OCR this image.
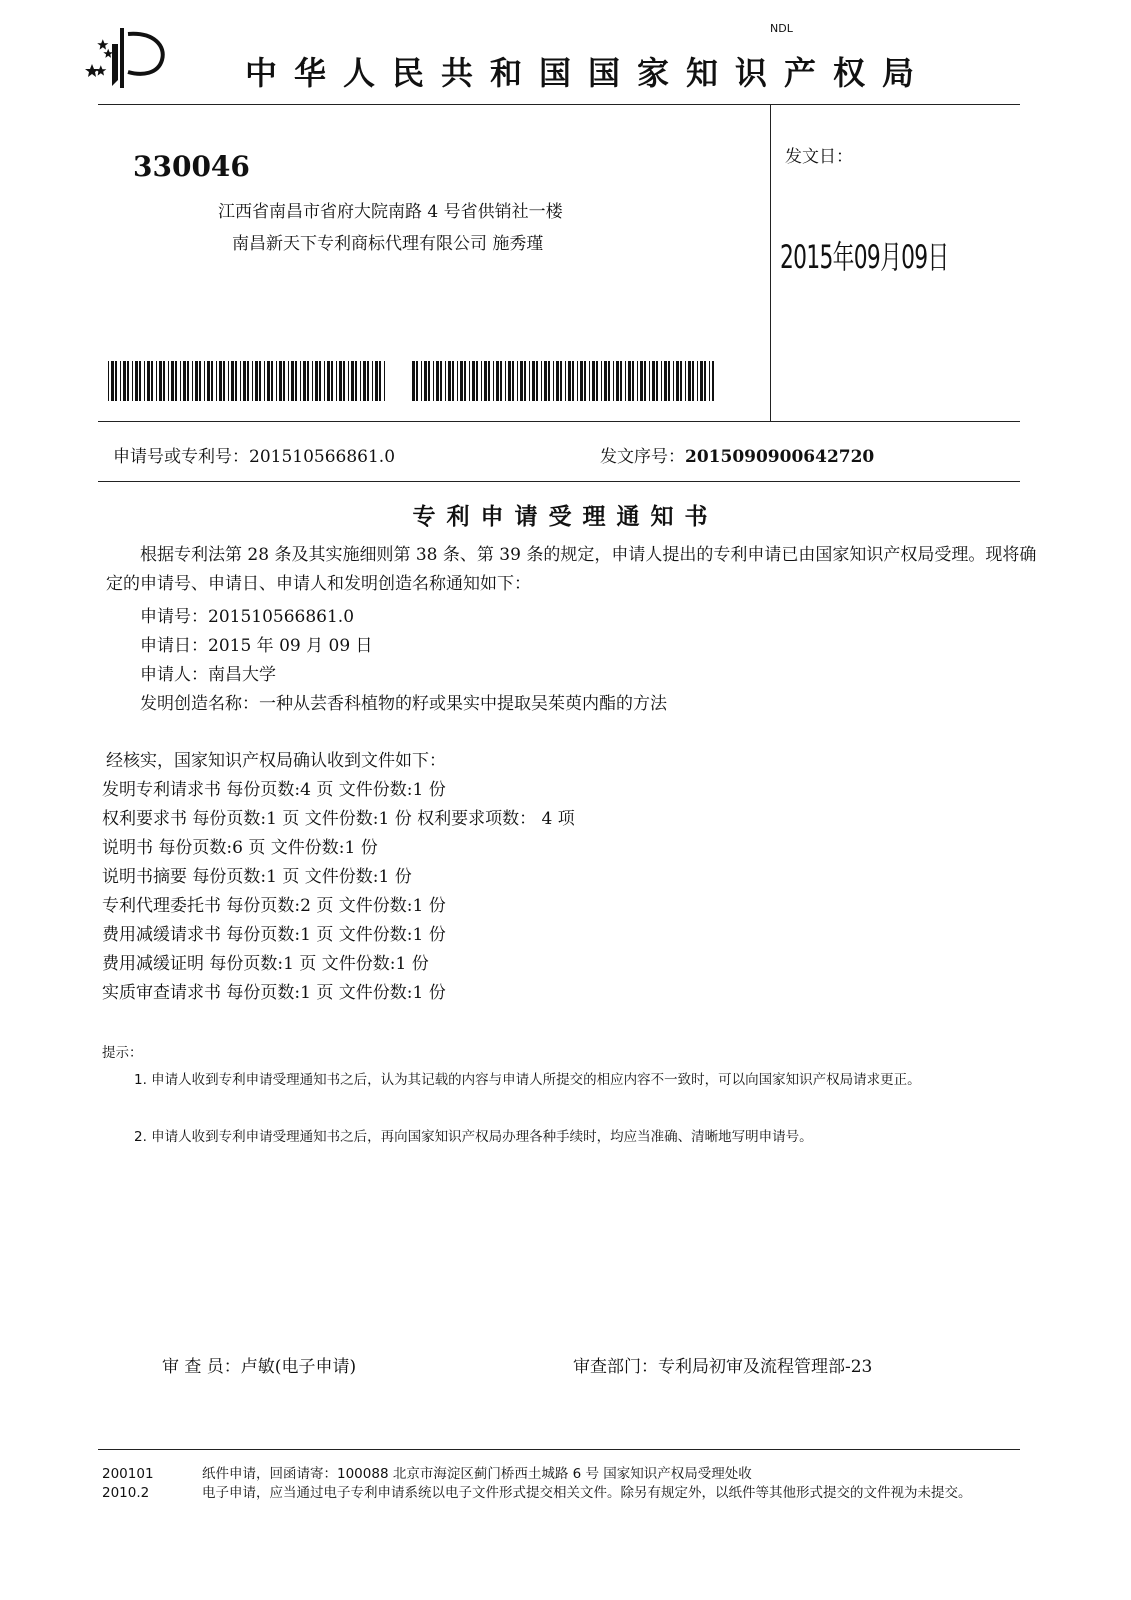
NDL
中华人民共和国国家知识产权局
330046
江西省南昌市省府大院南路 4 号省供销社一楼
南昌新天下专利商标代理有限公司 施秀瑾
发文日：
2015年09月09日
申请号或专利号：201510566861.0	发文序号：2015090900642720
专利申请受理通知书
根据专利法第 28 条及其实施细则第 38 条、第 39 条的规定，申请人提出的专利申请已由国家知识产权局受理。现将确定的申请号、申请日、申请人和发明创造名称通知如下：
申请号：201510566861.0
申请日：2015 年 09 月 09 日
申请人：南昌大学
发明创造名称：一种从芸香科植物的籽或果实中提取吴茱萸内酯的方法
经核实，国家知识产权局确认收到文件如下：
发明专利请求书 每份页数:4 页 文件份数:1 份
权利要求书 每份页数:1 页 文件份数:1 份 权利要求项数： 4 项
说明书 每份页数:6 页 文件份数:1 份
说明书摘要 每份页数:1 页 文件份数:1 份
专利代理委托书 每份页数:2 页 文件份数:1 份
费用减缓请求书 每份页数:1 页 文件份数:1 份
费用减缓证明 每份页数:1 页 文件份数:1 份
实质审查请求书 每份页数:1 页 文件份数:1 份
提示：
1. 申请人收到专利申请受理通知书之后，认为其记载的内容与申请人所提交的相应内容不一致时，可以向国家知识产权局请求更正。
2. 申请人收到专利申请受理通知书之后，再向国家知识产权局办理各种手续时，均应当准确、清晰地写明申请号。
审 查 员：卢敏(电子申请)	审查部门：专利局初审及流程管理部-23
200101
2010.2
纸件申请，回函请寄：100088 北京市海淀区蓟门桥西土城路 6 号 国家知识产权局受理处收
电子申请，应当通过电子专利申请系统以电子文件形式提交相关文件。除另有规定外，以纸件等其他形式提交的文件视为未提交。
